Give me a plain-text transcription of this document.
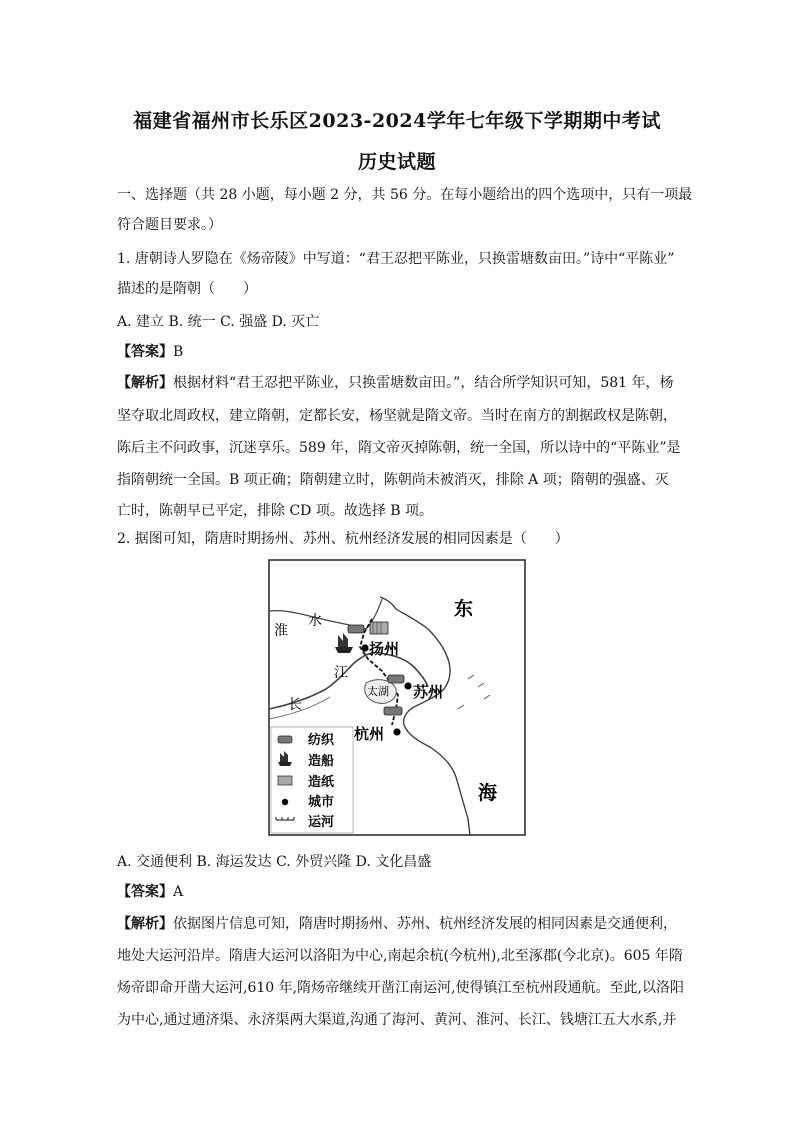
福建省福州市长乐区2023-2024学年七年级下学期期中考试
历史试题
一、选择题（共 28 小题，每小题 2 分，共 56 分。在每小题给出的四个选项中，只有一项最
符合题目要求。）
1. 唐朝诗人罗隐在《炀帝陵》中写道：“君王忍把平陈业，只换雷塘数亩田。”诗中“平陈业”
描述的是隋朝（　　）
A. 建立 B. 统一 C. 强盛 D. 灭亡
【答案】B
【解析】根据材料“君王忍把平陈业，只换雷塘数亩田。”，结合所学知识可知，581 年，杨
坚夺取北周政权，建立隋朝，定都长安，杨坚就是隋文帝。当时在南方的割据政权是陈朝，
陈后主不问政事，沉迷享乐。589 年，隋文帝灭掉陈朝，统一全国，所以诗中的“平陈业”是
指隋朝统一全国。B 项正确；隋朝建立时，陈朝尚未被消灭，排除 A 项；隋朝的强盛、灭
亡时，陈朝早已平定，排除 CD 项。故选择 B 项。
2. 据图可知，隋唐时期扬州、苏州、杭州经济发展的相同因素是（　　）
东
海
淮
水
江
长
太湖
扬州
苏州
杭州
纺织
造船
造纸
城市
运河
A. 交通便利 B. 海运发达 C. 外贸兴隆 D. 文化昌盛
【答案】A
【解析】依据图片信息可知，隋唐时期扬州、苏州、杭州经济发展的相同因素是交通便利，
地处大运河沿岸。隋唐大运河以洛阳为中心,南起余杭(今杭州),北至涿郡(今北京)。605 年隋
炀帝即命开凿大运河,610 年,隋炀帝继续开凿江南运河,使得镇江至杭州段通航。至此,以洛阳
为中心,通过通济渠、永济渠两大渠道,沟通了海河、黄河、淮河、长江、钱塘江五大水系,并
